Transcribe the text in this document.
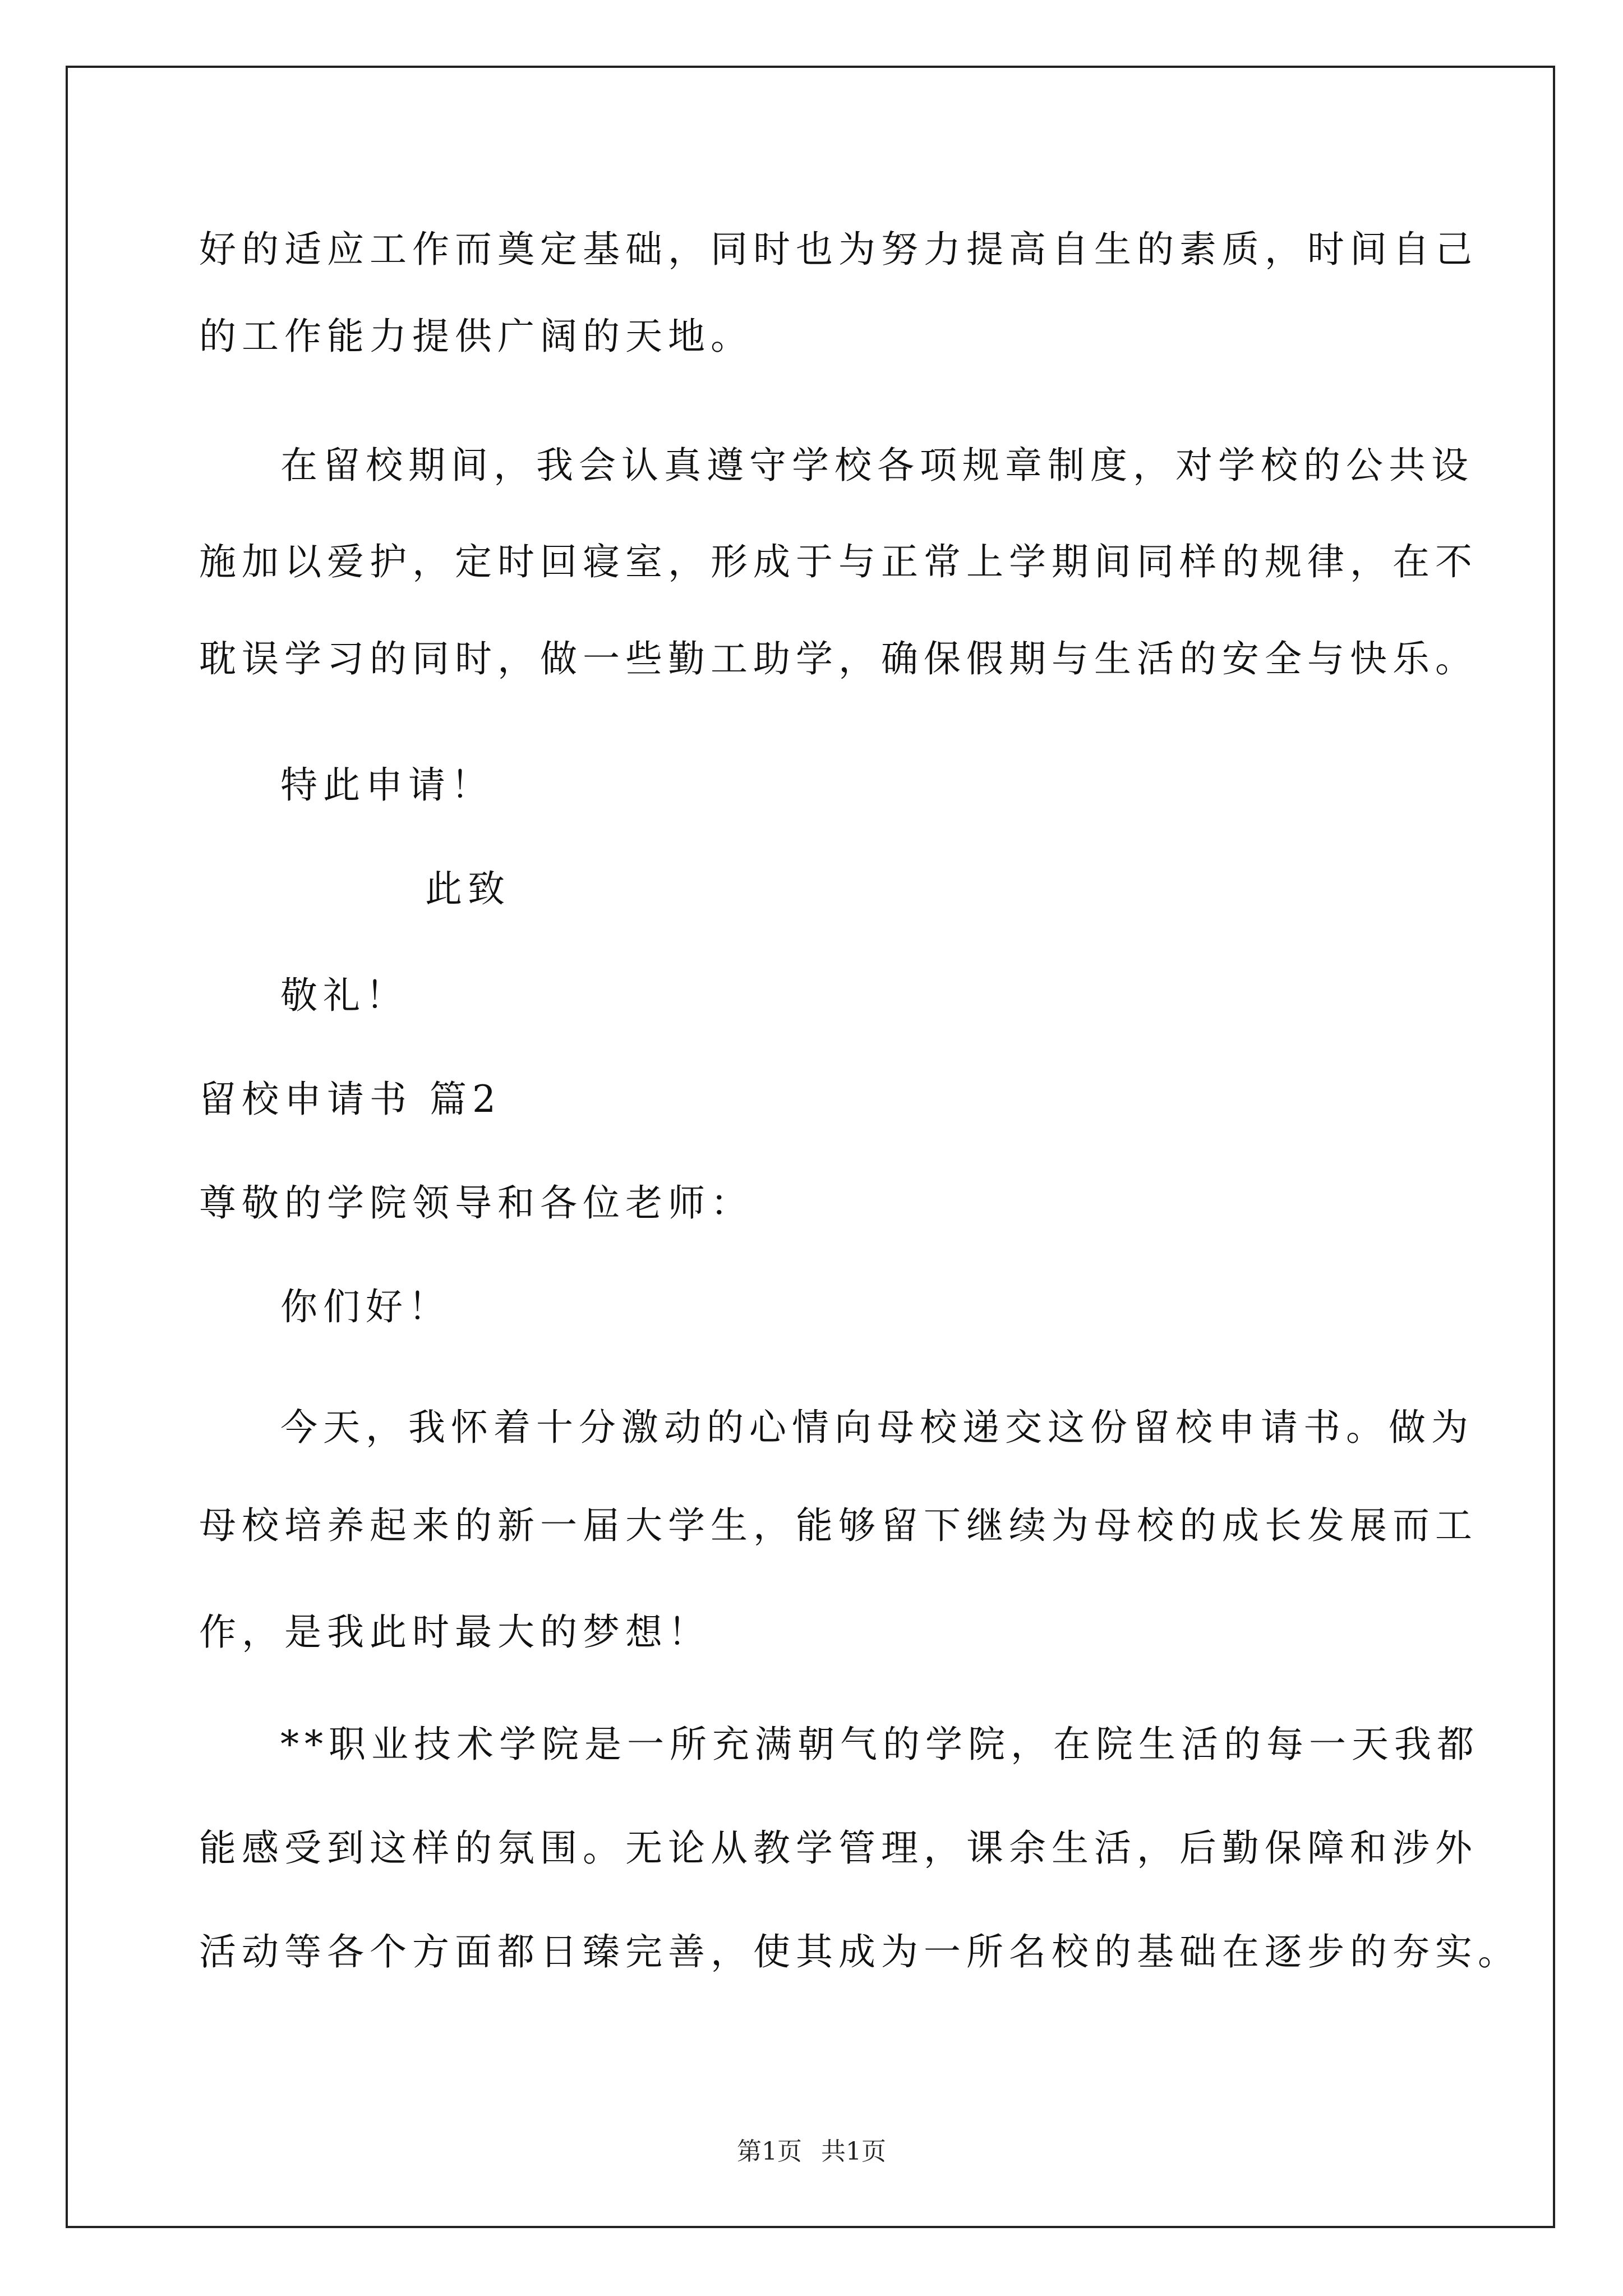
好的适应工作而奠定基础，同时也为努力提高自生的素质，时间自己
的工作能力提供广阔的天地。
在留校期间，我会认真遵守学校各项规章制度，对学校的公共设
施加以爱护，定时回寝室，形成于与正常上学期间同样的规律，在不
耽误学习的同时，做一些勤工助学，确保假期与生活的安全与快乐。
特此申请！
此致
敬礼！
留校申请书 篇2
尊敬的学院领导和各位老师：
你们好！
今天，我怀着十分激动的心情向母校递交这份留校申请书。做为
母校培养起来的新一届大学生，能够留下继续为母校的成长发展而工
作，是我此时最大的梦想！
**职业技术学院是一所充满朝气的学院，在院生活的每一天我都
能感受到这样的氛围。无论从教学管理，课余生活，后勤保障和涉外
活动等各个方面都日臻完善，使其成为一所名校的基础在逐步的夯实。
第1页 共1页
